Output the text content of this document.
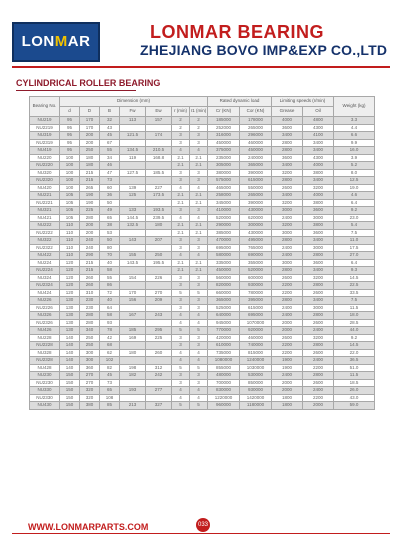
LONMAR	LONMAR BEARING
ZHEJIANG BOVO IMP&EXP CO.,LTD
CYLINDRICAL ROLLER BEARING
Bearing No.	Dimension (mm)							Rated dynamic load		Limiting speeds (r/min)		Weight (kg)
	d	D	B	Fw	Ew	r (min)	r1 (min)	Cr (KN)	Cor (KN)	Grease	Oil	
NU219	95	170	32	113	157	2	2	185000	178000	4000	4800	3.3
NU2219	95	170	43			2	2	252000	265000	3600	4300	4.4
NU319	95	200	45	121.5	174	3	3	316000	296000	3400	4100	6.6
NU2319	95	200	67			3	3	450000	460000	2800	3400	9.9
NU419	95	250	55	134.5	210.5	4	4	375000	450000	2800	3400	16.0
NU220	100	180	34	119	168.8	2.1	2.1	235000	240000	3600	4300	3.9
NU2220	100	180	46			2.1	2.1	305000	365000	3400	4000	5.2
NU320	100	215	47	127.5	185.5	3	3	380000	390000	3200	3800	8.0
NU2320	100	215	73			3	3	575000	615000	2800	3400	12.5
NU420	100	265	60	139	227	4	4	465000	550000	2600	3200	19.0
NU221	105	190	36	125	173.5	2.1	2.1	258000	265000	3400	4000	4.6
NU2221	105	190	50			2.1	2.1	345000	390000	3200	3800	6.4
NU321	105	225	49	133	193.5	3	3	410000	430000	3000	3600	9.2
NU421	105	280	65	144.5	239.5	4	4	520000	620000	2400	3000	23.0
NU222	110	200	38	132.5	180	2.1	2.1	290000	300000	3200	3800	5.4
NU2222	110	200	53			2.1	2.1	385000	430000	3000	3600	7.5
NU322	110	240	50	143	207	3	3	470000	495000	2800	3400	11.0
NU2322	110	240	80			3	3	695000	765000	2400	3000	17.5
NU422	110	290	70	155	250	4	4	580000	690000	2400	2800	27.0
NU224	120	215	40	143.5	195.5	2.1	2.1	335000	355000	3000	3600	6.4
NU2224	120	215	58			2.1	2.1	450000	520000	2800	3400	9.3
NU324	120	260	55	154	226	3	3	560000	600000	2600	3200	14.5
NU2324	120	260	86			3	3	820000	930000	2200	2800	22.5
NU424	120	310	72	170	270	5	5	660000	780000	2200	2600	33.5
NU226	130	230	40	156	209	3	3	365000	395000	2800	3400	7.5
NU2226	130	230	64			3	3	525000	615000	2400	3000	11.5
NU326	130	280	58	167	243	4	4	640000	695000	2400	2800	18.0
NU2326	130	280	93			4	4	945000	1070000	2000	2600	28.5
NU426	130	340	78	185	295	5	5	770000	920000	2000	2400	44.0
NU228	140	250	42	169	225	3	3	420000	460000	2600	3200	9.2
NU2228	140	250	68			3	3	610000	740000	2200	2800	14.5
NU328	140	300	62	180	260	4	4	735000	815000	2200	2600	22.0
NU2328	140	300	102			4	4	1080000	1240000	1900	2400	36.5
NU428	140	360	82	198	312	5	5	855000	1030000	1900	2200	51.0
NU230	150	270	45	182	242	3	3	480000	530000	2400	2800	11.5
NU2230	150	270	73			3	3	700000	850000	2000	2600	18.5
NU330	150	320	65	193	277	4	4	830000	930000	2000	2400	26.0
NU2330	150	320	108			4	4	1220000	1420000	1800	2200	43.0
NU430	150	380	85	213	327	5	5	960000	1180000	1800	2000	59.0
WWW.LONMARPARTS.COM	033
